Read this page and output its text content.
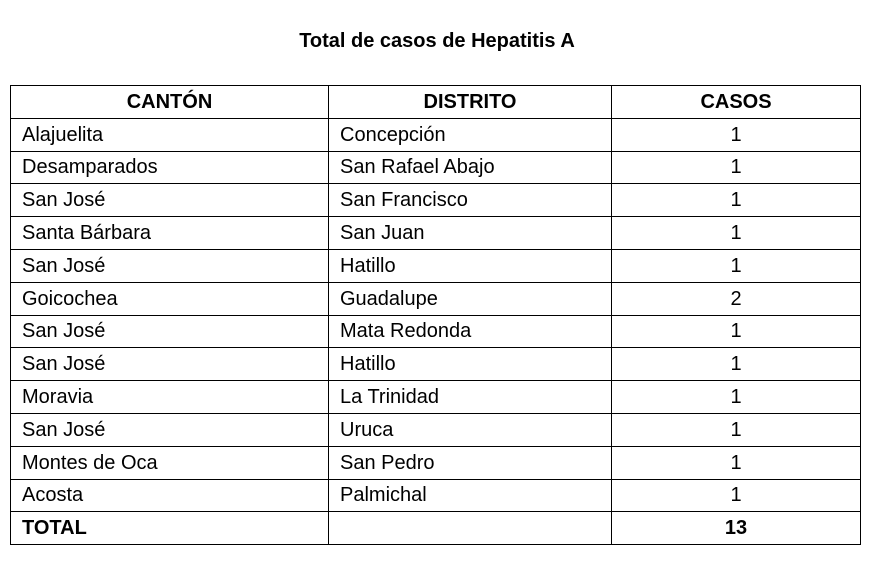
Total de casos de Hepatitis A
CANTÓN	DISTRITO	CASOS
Alajuelita	Concepción	1
Desamparados	San Rafael Abajo	1
San José	San Francisco	1
Santa Bárbara	San Juan	1
San José	Hatillo	1
Goicochea	Guadalupe	2
San José	Mata Redonda	1
San José	Hatillo	1
Moravia	La Trinidad	1
San José	Uruca	1
Montes de Oca	San Pedro	1
Acosta	Palmichal	1
TOTAL		13
